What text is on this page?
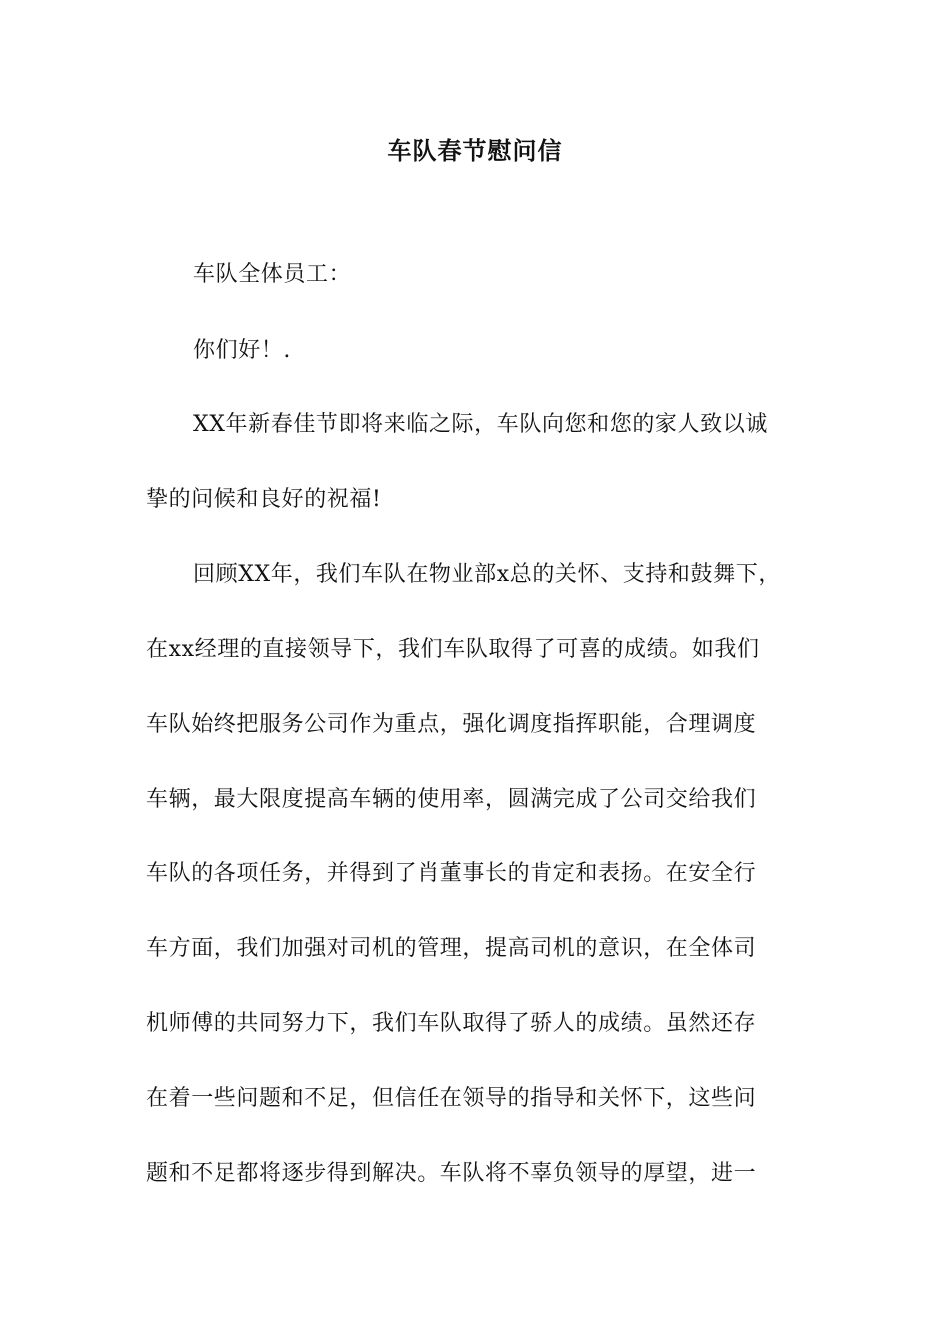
车队春节慰问信
车队全体员工：
你们好！.
XX年新春佳节即将来临之际，车队向您和您的家人致以诚
挚的问候和良好的祝福!
回顾XX年，我们车队在物业部x总的关怀、支持和鼓舞下，
在xx经理的直接领导下，我们车队取得了可喜的成绩。如我们
车队始终把服务公司作为重点，强化调度指挥职能，合理调度
车辆，最大限度提高车辆的使用率，圆满完成了公司交给我们
车队的各项任务，并得到了肖董事长的肯定和表扬。在安全行
车方面，我们加强对司机的管理，提高司机的意识，在全体司
机师傅的共同努力下，我们车队取得了骄人的成绩。虽然还存
在着一些问题和不足，但信任在领导的指导和关怀下，这些问
题和不足都将逐步得到解决。车队将不辜负领导的厚望，进一
